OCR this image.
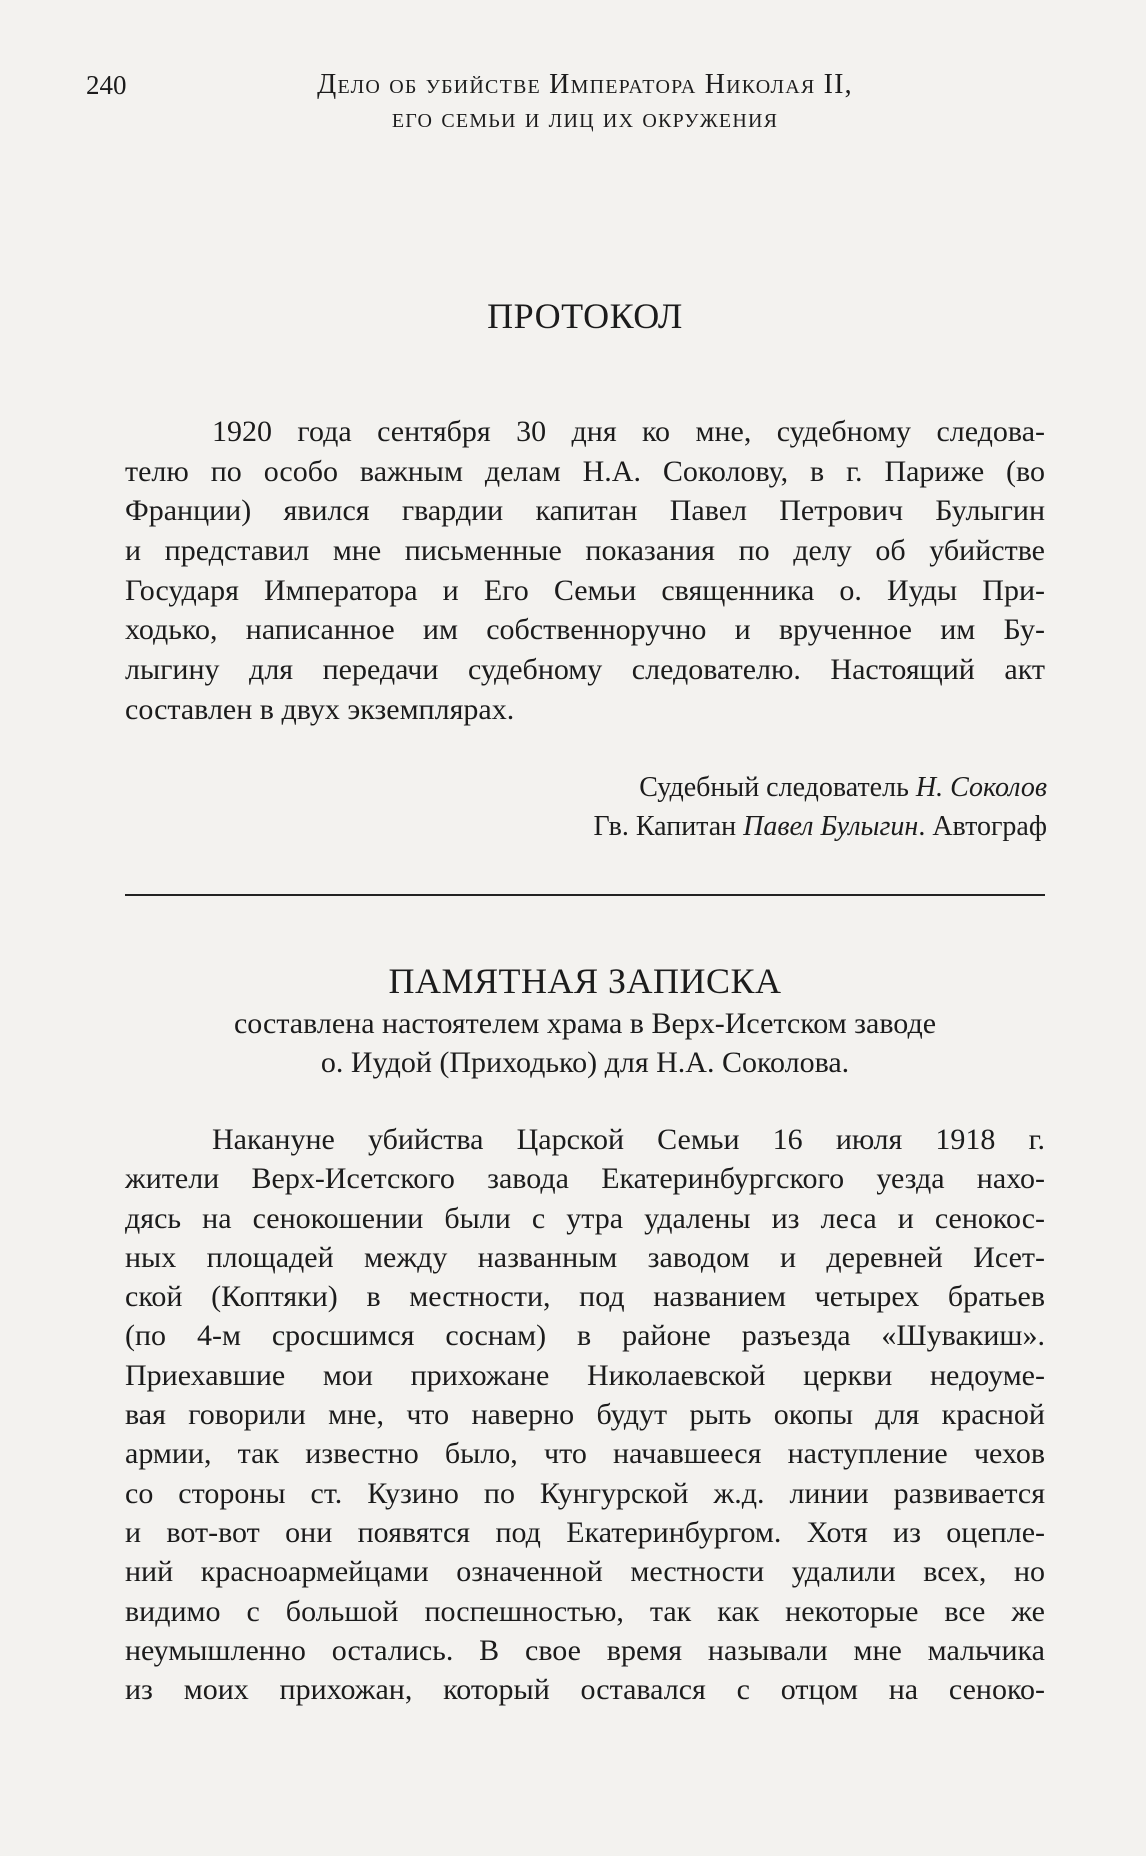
240	Дело об убийстве Императора Николая II,
его семьи и лиц их окружения
ПРОТОКОЛ
1920 года сентября 30 дня ко мне, судебному следова-
телю по особо важным делам Н.А. Соколову, в г. Париже (во
Франции) явился гвардии капитан Павел Петрович Булыгин
и представил мне письменные показания по делу об убийстве
Государя Императора и Его Семьи священника о. Иуды При-
ходько, написанное им собственноручно и врученное им Бу-
лыгину для передачи судебному следователю. Настоящий акт
составлен в двух экземплярах.
Судебный следователь Н. Соколов
Гв. Капитан Павел Булыгин. Автограф
ПАМЯТНАЯ ЗАПИСКА
составлена настоятелем храма в Верх-Исетском заводе
о. Иудой (Приходько) для Н.А. Соколова.
Накануне убийства Царской Семьи 16 июля 1918 г.
жители Верх-Исетского завода Екатеринбургского уезда нахо-
дясь на сенокошении были с утра удалены из леса и сенокос-
ных площадей между названным заводом и деревней Исет-
ской (Коптяки) в местности, под названием четырех братьев
(по 4-м сросшимся соснам) в районе разъезда «Шувакиш».
Приехавшие мои прихожане Николаевской церкви недоуме-
вая говорили мне, что наверно будут рыть окопы для красной
армии, так известно было, что начавшееся наступление чехов
со стороны ст. Кузино по Кунгурской ж.д. линии развивается
и вот-вот они появятся под Екатеринбургом. Хотя из оцепле-
ний красноармейцами означенной местности удалили всех, но
видимо с большой поспешностью, так как некоторые все же
неумышленно остались. В свое время называли мне мальчика
из моих прихожан, который оставался с отцом на сеноко-
